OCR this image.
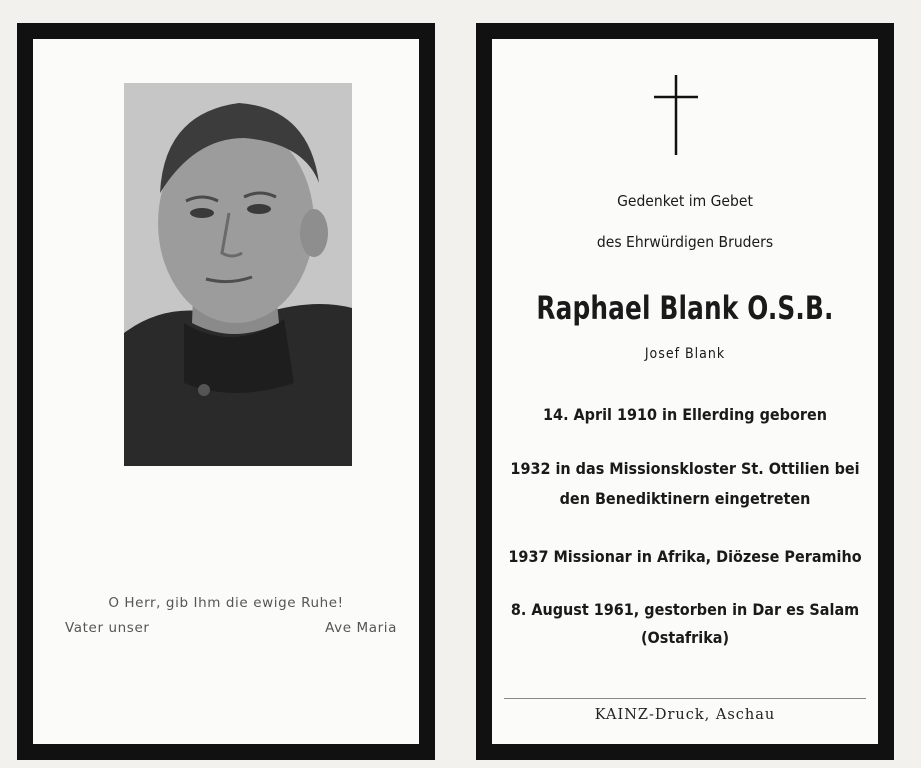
O Herr, gib Ihm die ewige Ruhe!
Vater unser	Ave Maria
Gedenket im Gebet
des Ehrwürdigen Bruders
Raphael Blank O.S.B.
Josef Blank
14. April 1910 in Ellerding geboren
1932 in das Missionskloster St. Ottilien bei
den Benediktinern eingetreten
1937 Missionar in Afrika, Diözese Peramiho
8. August 1961, gestorben in Dar es Salam
(Ostafrika)
KAINZ-Druck, Aschau
